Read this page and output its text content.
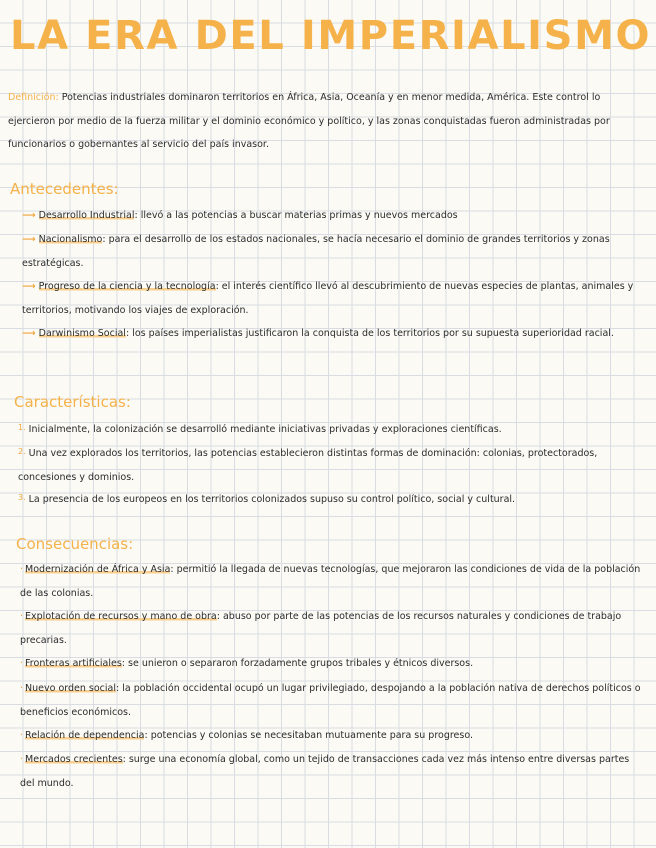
LA ERA DEL IMPERIALISMO
Definición: Potencias industriales dominaron territorios en África, Asia, Oceanía y en menor medida, América. Este control lo ejercieron por medio de la fuerza militar y el dominio económico y político, y las zonas conquistadas fueron administradas por funcionarios o gobernantes al servicio del país invasor.
Antecedentes:
⟶ Desarrollo Industrial: llevó a las potencias a buscar materias primas y nuevos mercados
⟶ Nacionalismo: para el desarrollo de los estados nacionales, se hacía necesario el dominio de grandes territorios y zonas estratégicas.
⟶ Progreso de la ciencia y la tecnología: el interés científico llevó al descubrimiento de nuevas especies de plantas, animales y territorios, motivando los viajes de exploración.
⟶ Darwinismo Social: los países imperialistas justificaron la conquista de los territorios por su supuesta superioridad racial.
Características:
$^{1.}$ Inicialmente, la colonización se desarrolló mediante iniciativas privadas y exploraciones científicas.
$^{2.}$ Una vez explorados los territorios, las potencias establecieron distintas formas de dominación: colonias, protectorados, concesiones y dominios.
$^{3.}$ La presencia de los europeos en los territorios colonizados supuso su control político, social y cultural.
Consecuencias:
· Modernización de África y Asia: permitió la llegada de nuevas tecnologías, que mejoraron las condiciones de vida de la población de las colonias.
· Explotación de recursos y mano de obra: abuso por parte de las potencias de los recursos naturales y condiciones de trabajo precarias.
· Fronteras artificiales: se unieron o separaron forzadamente grupos tribales y étnicos diversos.
· Nuevo orden social: la población occidental ocupó un lugar privilegiado, despojando a la población nativa de derechos políticos o beneficios económicos.
· Relación de dependencia: potencias y colonias se necesitaban mutuamente para su progreso.
· Mercados crecientes: surge una economía global, como un tejido de transacciones cada vez más intenso entre diversas partes del mundo.
